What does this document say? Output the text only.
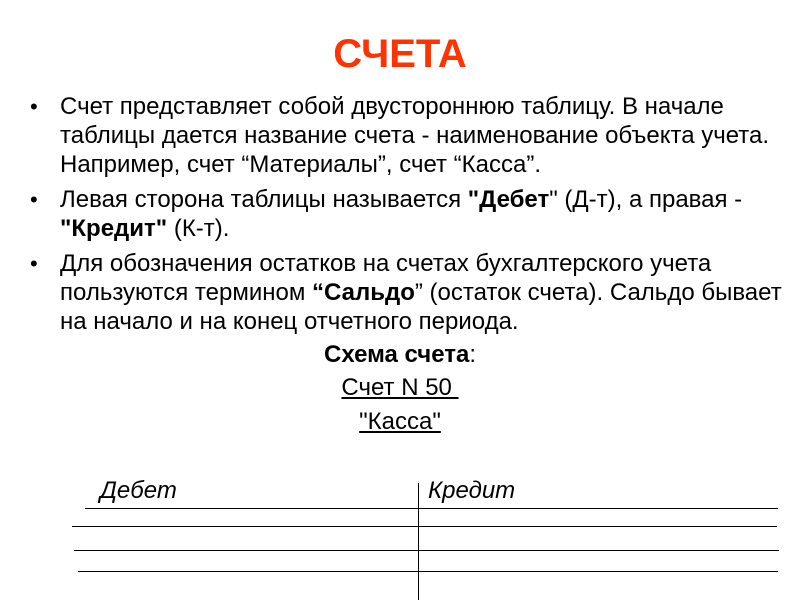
СЧЕТА
• Счет представляет собой двустороннюю таблицу. В начале таблицы дается название счета - наименование объекта учета. Например, счет “Материалы”, счет “Касса”.
• Левая сторона таблицы называется "Дебет" (Д-т), а правая - "Кредит" (К-т).
• Для обозначения остатков на счетах бухгалтерского учета пользуются термином “Сальдо” (остаток счета). Сальдо бывает на начало и на конец отчетного периода.
Схема счета:
Счет N 50
"Касса"
Дебет	Кредит
